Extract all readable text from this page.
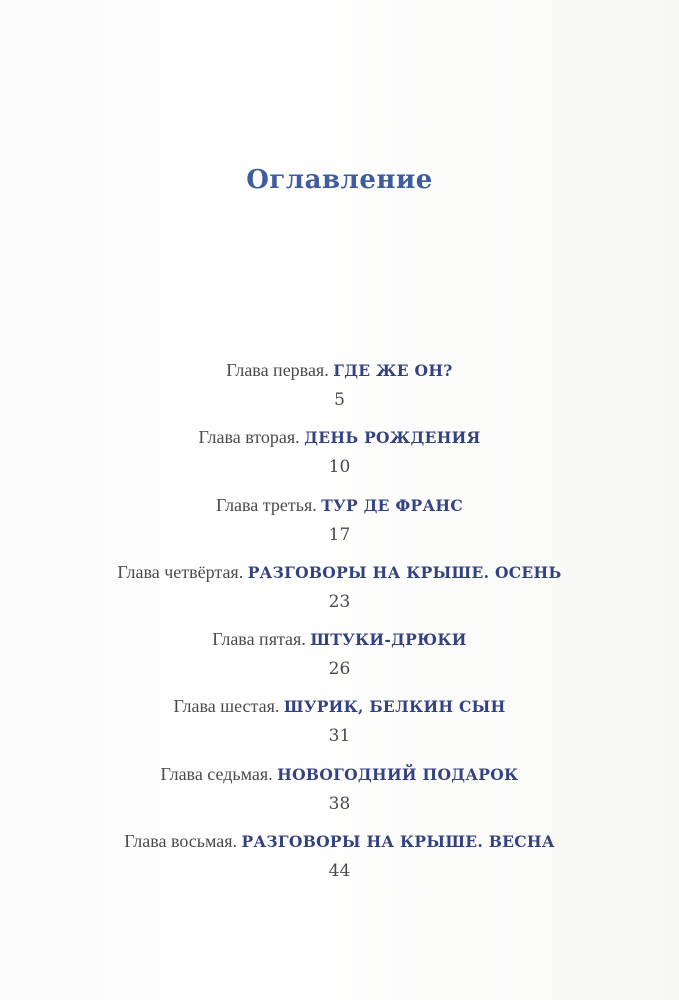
Оглавление
Глава первая. ГДЕ ЖЕ ОН?
5
Глава вторая. ДЕНЬ РОЖДЕНИЯ
10
Глава третья. ТУР ДЕ ФРАНС
17
Глава четвёртая. РАЗГОВОРЫ НА КРЫШЕ. ОСЕНЬ
23
Глава пятая. ШТУКИ-ДРЮКИ
26
Глава шестая. ШУРИК, БЕЛКИН СЫН
31
Глава седьмая. НОВОГОДНИЙ ПОДАРОК
38
Глава восьмая. РАЗГОВОРЫ НА КРЫШЕ. ВЕСНА
44
